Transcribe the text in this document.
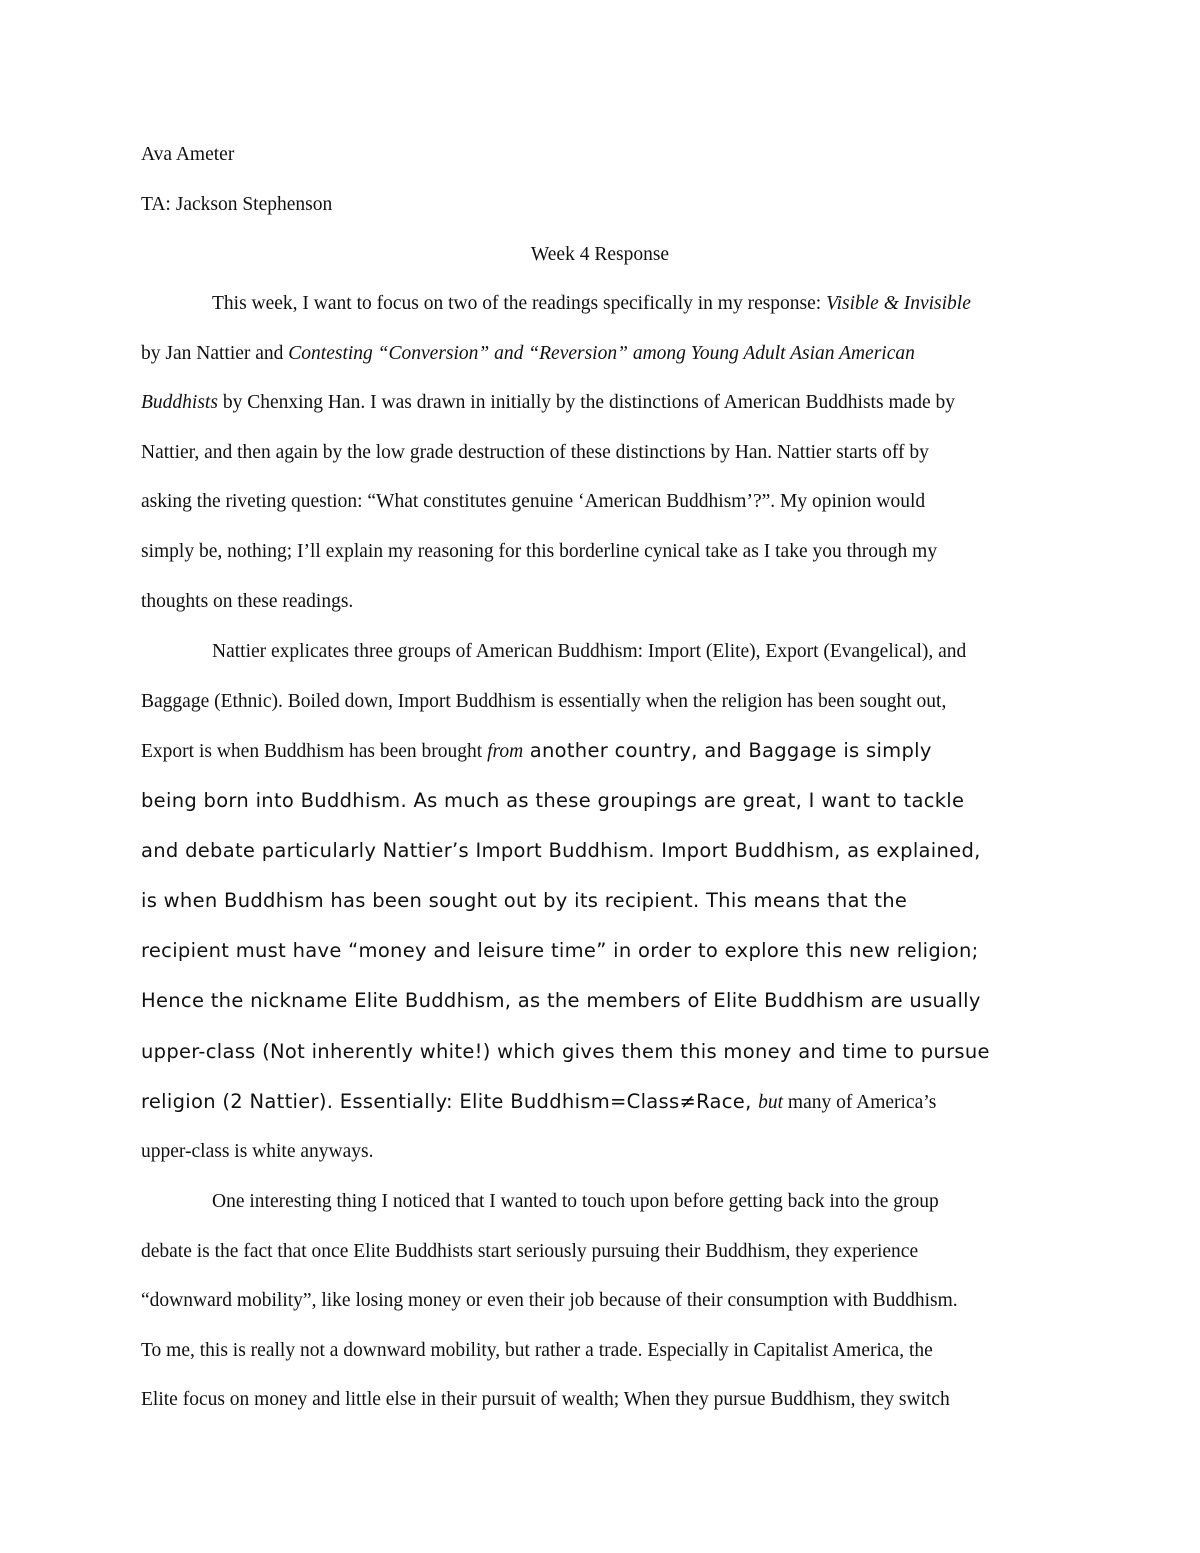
Ava Ameter
TA: Jackson Stephenson
Week 4 Response
This week, I want to focus on two of the readings specifically in my response: Visible & Invisible
by Jan Nattier and Contesting “Conversion” and “Reversion” among Young Adult Asian American
Buddhists by Chenxing Han. I was drawn in initially by the distinctions of American Buddhists made by
Nattier, and then again by the low grade destruction of these distinctions by Han. Nattier starts off by
asking the riveting question: “What constitutes genuine ‘American Buddhism’?”. My opinion would
simply be, nothing; I’ll explain my reasoning for this borderline cynical take as I take you through my
thoughts on these readings.
Nattier explicates three groups of American Buddhism: Import (Elite), Export (Evangelical), and
Baggage (Ethnic). Boiled down, Import Buddhism is essentially when the religion has been sought out,
Export is when Buddhism has been brought from another country, and Baggage is simply
being born into Buddhism. As much as these groupings are great, I want to tackle
and debate particularly Nattier’s Import Buddhism. Import Buddhism, as explained,
is when Buddhism has been sought out by its recipient. This means that the
recipient must have “money and leisure time” in order to explore this new religion;
Hence the nickname Elite Buddhism, as the members of Elite Buddhism are usually
upper-class (Not inherently white!) which gives them this money and time to pursue
religion (2 Nattier). Essentially: Elite Buddhism=Class≠Race, but many of America’s
upper-class is white anyways.
One interesting thing I noticed that I wanted to touch upon before getting back into the group
debate is the fact that once Elite Buddhists start seriously pursuing their Buddhism, they experience
“downward mobility”, like losing money or even their job because of their consumption with Buddhism.
To me, this is really not a downward mobility, but rather a trade. Especially in Capitalist America, the
Elite focus on money and little else in their pursuit of wealth; When they pursue Buddhism, they switch
